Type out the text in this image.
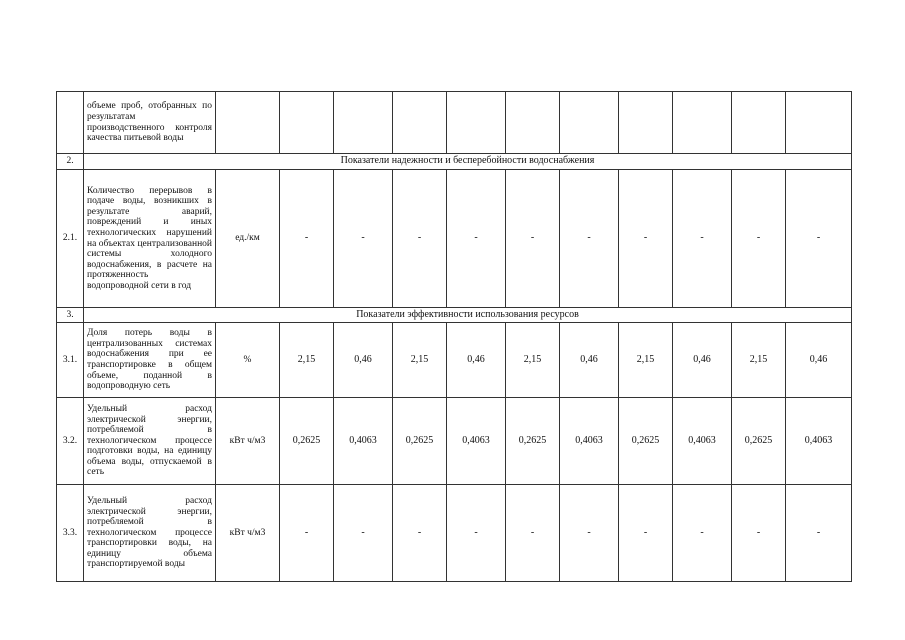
	объеме проб, отобранных по результатам производственного контроля качества питьевой воды											
2.	Показатели надежности и бесперебойности водоснабжения											
2.1.	Количество перерывов в подаче воды, возникших в результате аварий, повреждений и иных технологических нарушений на объектах централизованной системы холодного водоснабжения, в расчете на протяженность водопроводной сети в год	ед./км	-	-	-	-	-	-	-	-	-	-
3.	Показатели эффективности использования ресурсов											
3.1.	Доля потерь воды в централизованных системах водоснабжения при ее транспортировке в общем объеме, поданной в водопроводную сеть	%	2,15	0,46	2,15	0,46	2,15	0,46	2,15	0,46	2,15	0,46
3.2.	Удельный расход электрической энергии, потребляемой в технологическом процессе подготовки воды, на единицу объема воды, отпускаемой в сеть	кВт ч/м3	0,2625	0,4063	0,2625	0,4063	0,2625	0,4063	0,2625	0,4063	0,2625	0,4063
3.3.	Удельный расход электрической энергии, потребляемой в технологическом процессе транспортировки воды, на единицу объема транспортируемой воды	кВт ч/м3	-	-	-	-	-	-	-	-	-	-
